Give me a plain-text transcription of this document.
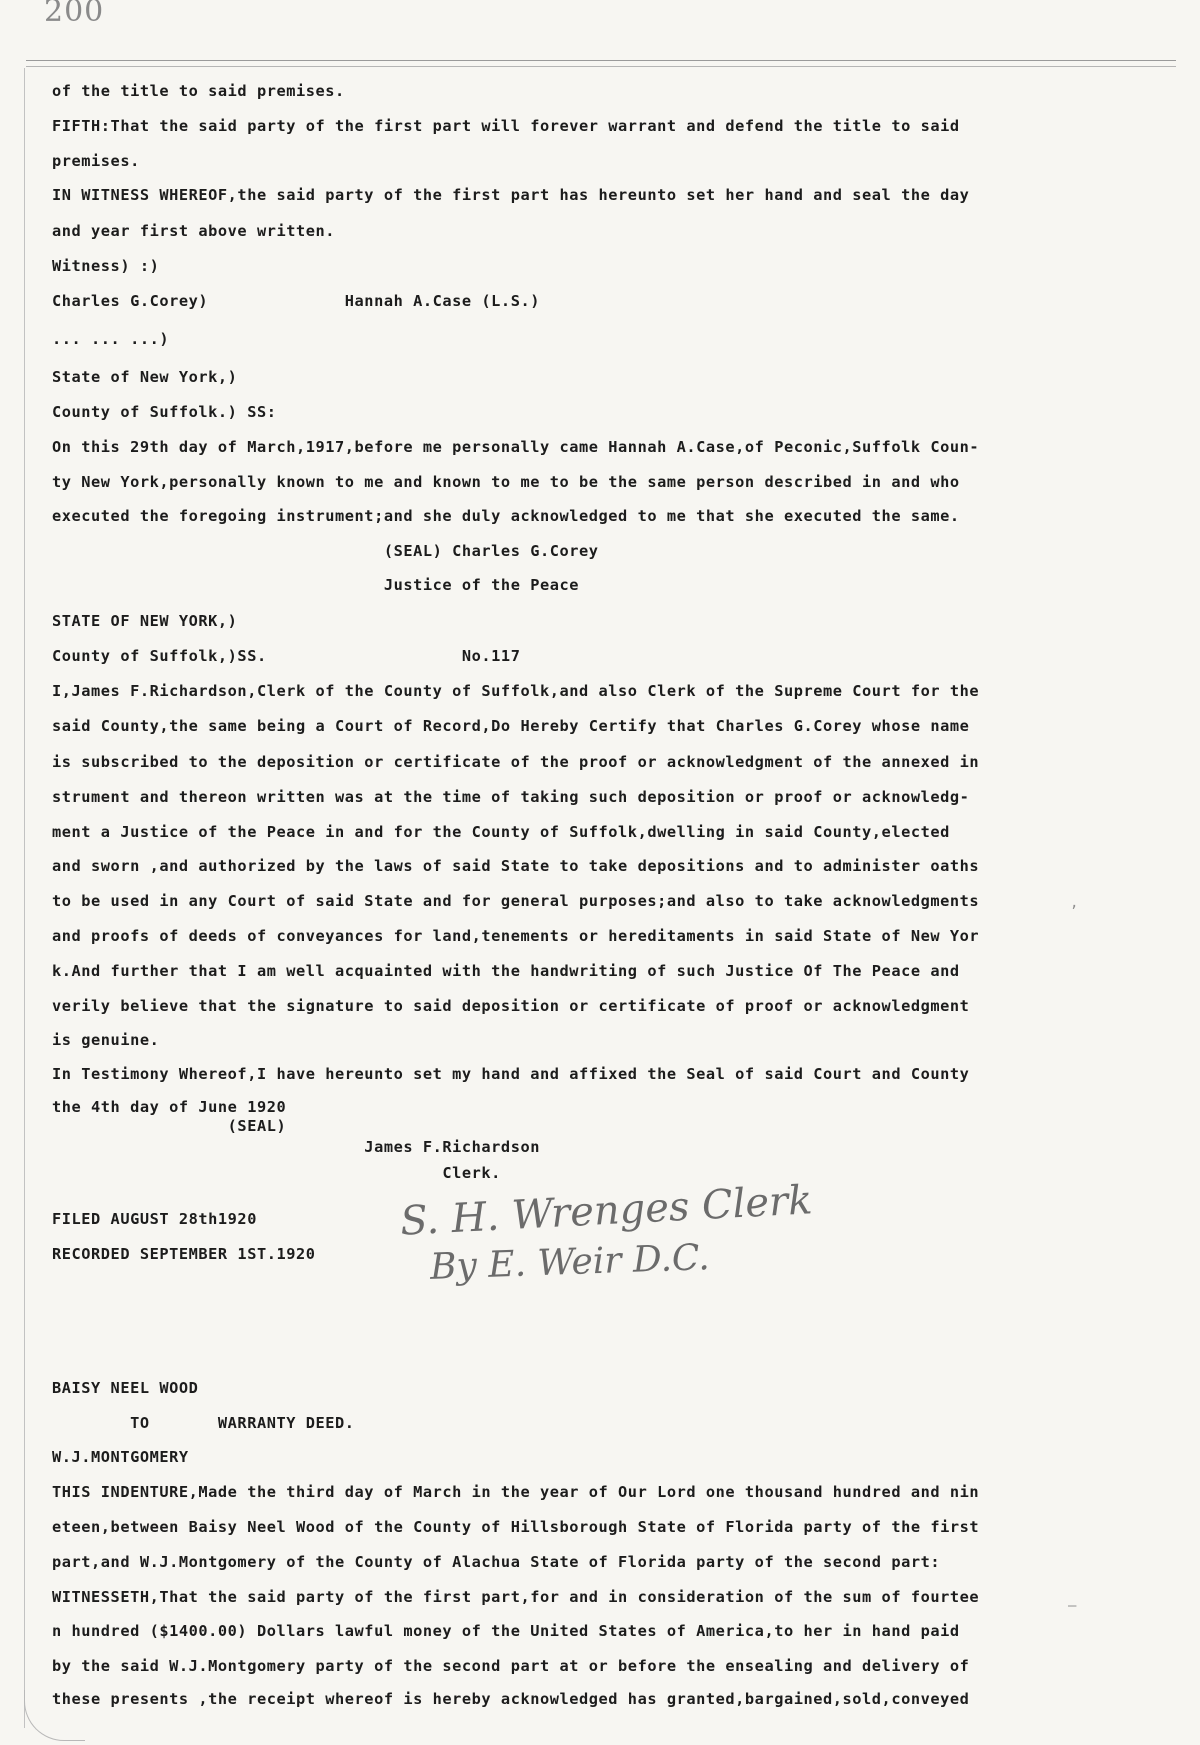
200
of the title to said premises.
FIFTH:That the said party of the first part will forever warrant and defend the title to said
premises.
IN WITNESS WHEREOF,the said party of the first part has hereunto set her hand and seal the day
and year first above written.
Witness) :)
Charles G.Corey)              Hannah A.Case (L.S.)
... ... ...)
State of New York,)
County of Suffolk.) SS:
On this 29th day of March,1917,before me personally came Hannah A.Case,of Peconic,Suffolk Coun-
ty New York,personally known to me and known to me to be the same person described in and who
executed the foregoing instrument;and she duly acknowledged to me that she executed the same.
(SEAL) Charles G.Corey
Justice of the Peace
STATE OF NEW YORK,)
County of Suffolk,)SS.                    No.117
I,James F.Richardson,Clerk of the County of Suffolk,and also Clerk of the Supreme Court for the
said County,the same being a Court of Record,Do Hereby Certify that Charles G.Corey whose name
is subscribed to the deposition or certificate of the proof or acknowledgment of the annexed in
strument and thereon written was at the time of taking such deposition or proof or acknowledg-
ment a Justice of the Peace in and for the County of Suffolk,dwelling in said County,elected
and sworn ,and authorized by the laws of said State to take depositions and to administer oaths
to be used in any Court of said State and for general purposes;and also to take acknowledgments
and proofs of deeds of conveyances for land,tenements or hereditaments in said State of New Yor
k.And further that I am well acquainted with the handwriting of such Justice Of The Peace and
verily believe that the signature to said deposition or certificate of proof or acknowledgment
is genuine.
In Testimony Whereof,I have hereunto set my hand and affixed the Seal of said Court and County
the 4th day of June 1920
(SEAL)
James F.Richardson
Clerk.
FILED AUGUST 28th1920
RECORDED SEPTEMBER 1ST.1920
BAISY NEEL WOOD
TO       WARRANTY DEED.
W.J.MONTGOMERY
THIS INDENTURE,Made the third day of March in the year of Our Lord one thousand hundred and nin
eteen,between Baisy Neel Wood of the County of Hillsborough State of Florida party of the first
part,and W.J.Montgomery of the County of Alachua State of Florida party of the second part:
WITNESSETH,That the said party of the first part,for and in consideration of the sum of fourtee
n hundred ($1400.00) Dollars lawful money of the United States of America,to her in hand paid
by the said W.J.Montgomery party of the second part at or before the ensealing and delivery of
these presents ,the receipt whereof is hereby acknowledged has granted,bargained,sold,conveyed
S. H. Wrenges Clerk
By E. Weir D.C.
,
—
